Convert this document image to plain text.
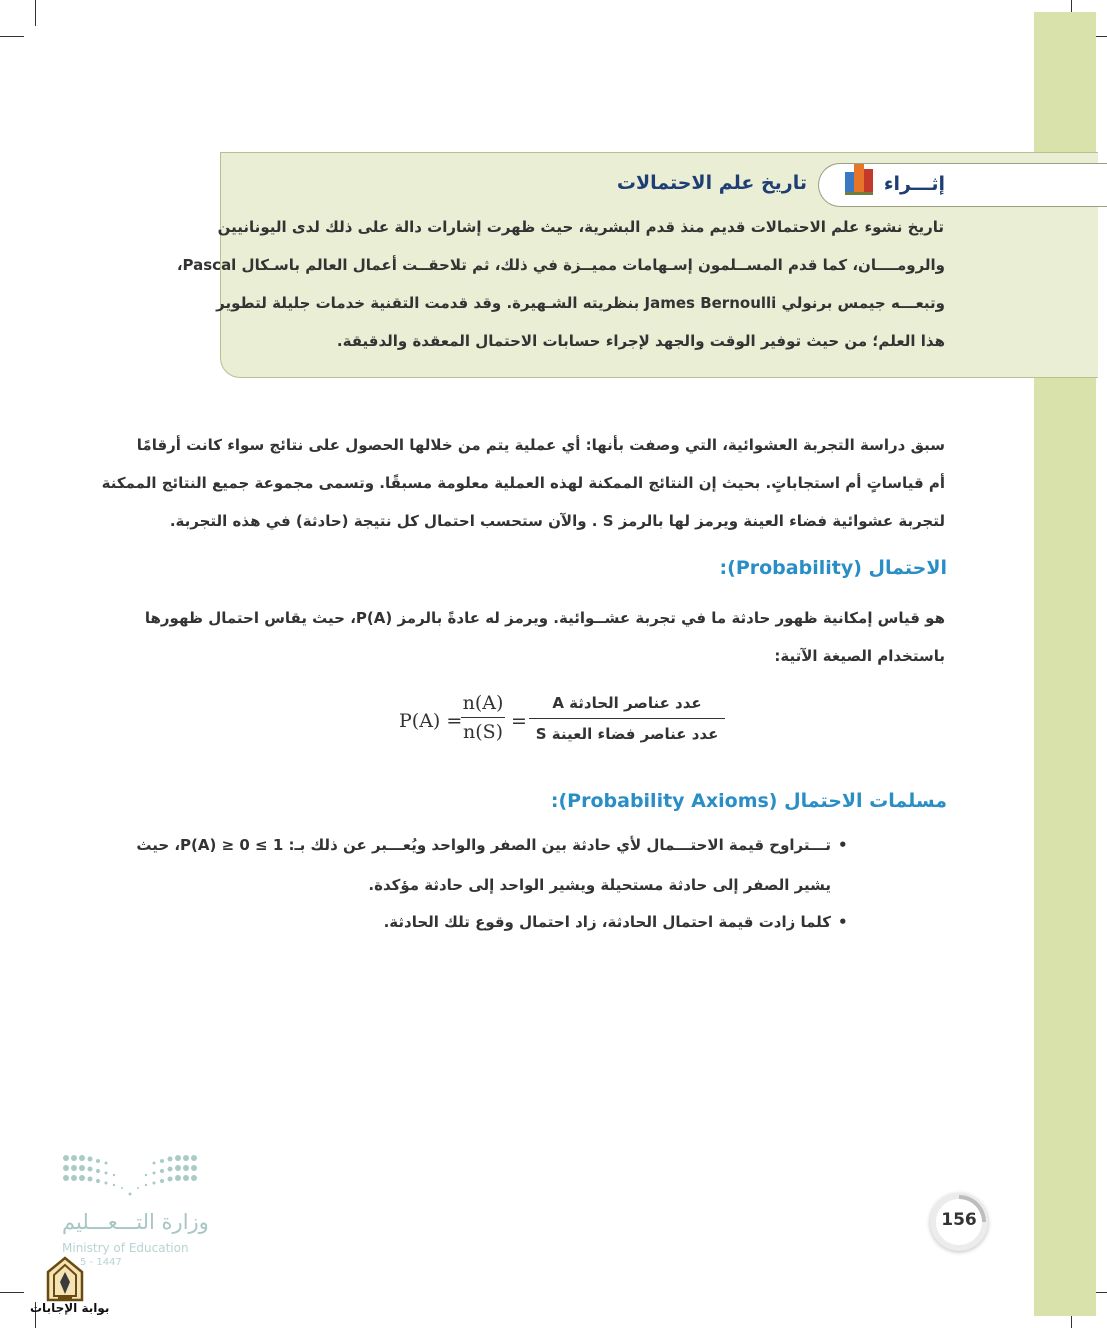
إثـــراء
تاريخ علم الاحتمالات
تاريخ نشوء علم الاحتمالات قديم منذ قدم البشرية، حيث ظهرت إشارات دالة على ذلك لدى اليونانيين
والرومــــان، كما قدم المســلمون إسـهامات مميــزة في ذلك، ثم تلاحقــت أعمال العالم باسـكال Pascal،
وتبعـــه جيمس برنولي James Bernoulli بنظريته الشـهيرة. وقد قدمت التقنية خدمات جليلة لتطوير
هذا العلم؛ من حيث توفير الوقت والجهد لإجراء حسابات الاحتمال المعقدة والدقيقة.
سبق دراسة التجربة العشوائية، التي وصفت بأنها: أي عملية يتم من خلالها الحصول على نتائج سواء كانت أرقامًا
أم قياساتٍ أم استجاباتٍ. بحيث إن النتائج الممكنة لهذه العملية معلومة مسبقًا. وتسمى مجموعة جميع النتائج الممكنة
لتجربة عشوائية فضاء العينة ويرمز لها بالرمز S . والآن ستحسب احتمال كل نتيجة (حادثة) في هذه التجربة.
الاحتمال (Probability):
هو قياس إمكانية ظهور حادثة ما في تجربة عشــوائية. ويرمز له عادةً بالرمز P(A)، حيث يقاس احتمال ظهورها
باستخدام الصيغة الآتية:
P(A) =
$\frac{n(A)}{n(S)}$ =
عدد عناصر الحادثة A
عدد عناصر فضاء العينة S
مسلمات الاحتمال (Probability Axioms):
•
تـــتراوح قيمة الاحتـــمال لأي حادثة بين الصفر والواحد ويُعـــبر عن ذلك بـ: 1 ≥ P(A) ≥ 0، حيث
يشير الصفر إلى حادثة مستحيلة ويشير الواحد إلى حادثة مؤكدة.
•
كلما زادت قيمة احتمال الحادثة، زاد احتمال وقوع تلك الحادثة.
وزارة التـــعـــليم
Ministry of Education
5 - 1447
بوابة الإجابات
156
